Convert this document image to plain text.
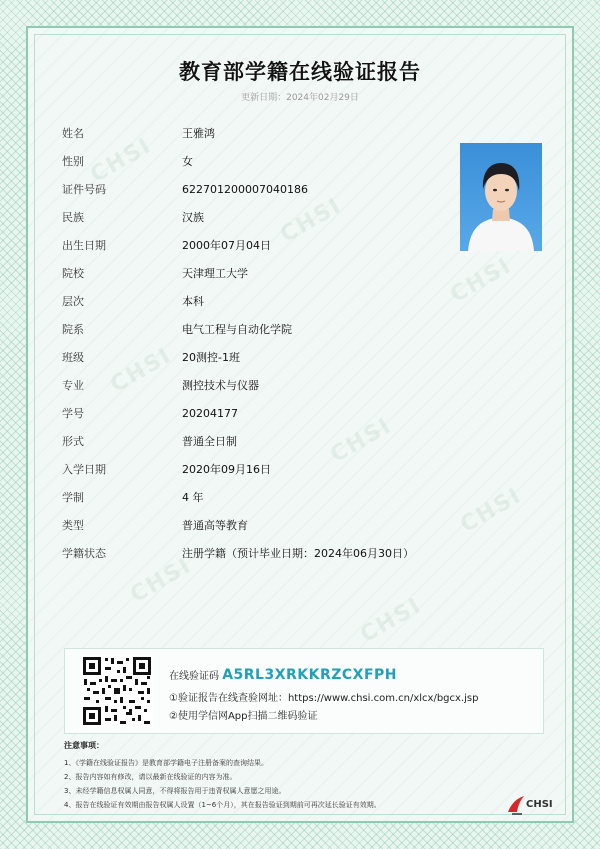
CHSI
CHSI
CHSI
CHSI
CHSI
CHSI
CHSI
CHSI
教育部学籍在线验证报告
更新日期：2024年02月29日
姓名	王雅鸿
性别	女
证件号码	622701200007040186
民族	汉族
出生日期	2000年07月04日
院校	天津理工大学
层次	本科
院系	电气工程与自动化学院
班级	20测控-1班
专业	测控技术与仪器
学号	20204177
形式	普通全日制
入学日期	2020年09月16日
学制	4 年
类型	普通高等教育
学籍状态	注册学籍（预计毕业日期：2024年06月30日）
在线验证码 A5RL3XRKKRZCXFPH
①验证报告在线查验网址：https://www.chsi.com.cn/xlcx/bgcx.jsp
②使用学信网App扫描二维码验证
注意事项：
1、《学籍在线验证报告》是教育部学籍电子注册备案的查询结果。
2、报告内容如有修改，请以最新在线验证的内容为准。
3、未经学籍信息权属人同意，不得将报告用于违背权属人意愿之用途。
4、报告在线验证有效期由报告权属人设置（1~6个月），其在报告验证到期前可再次延长验证有效期。	CHSI
